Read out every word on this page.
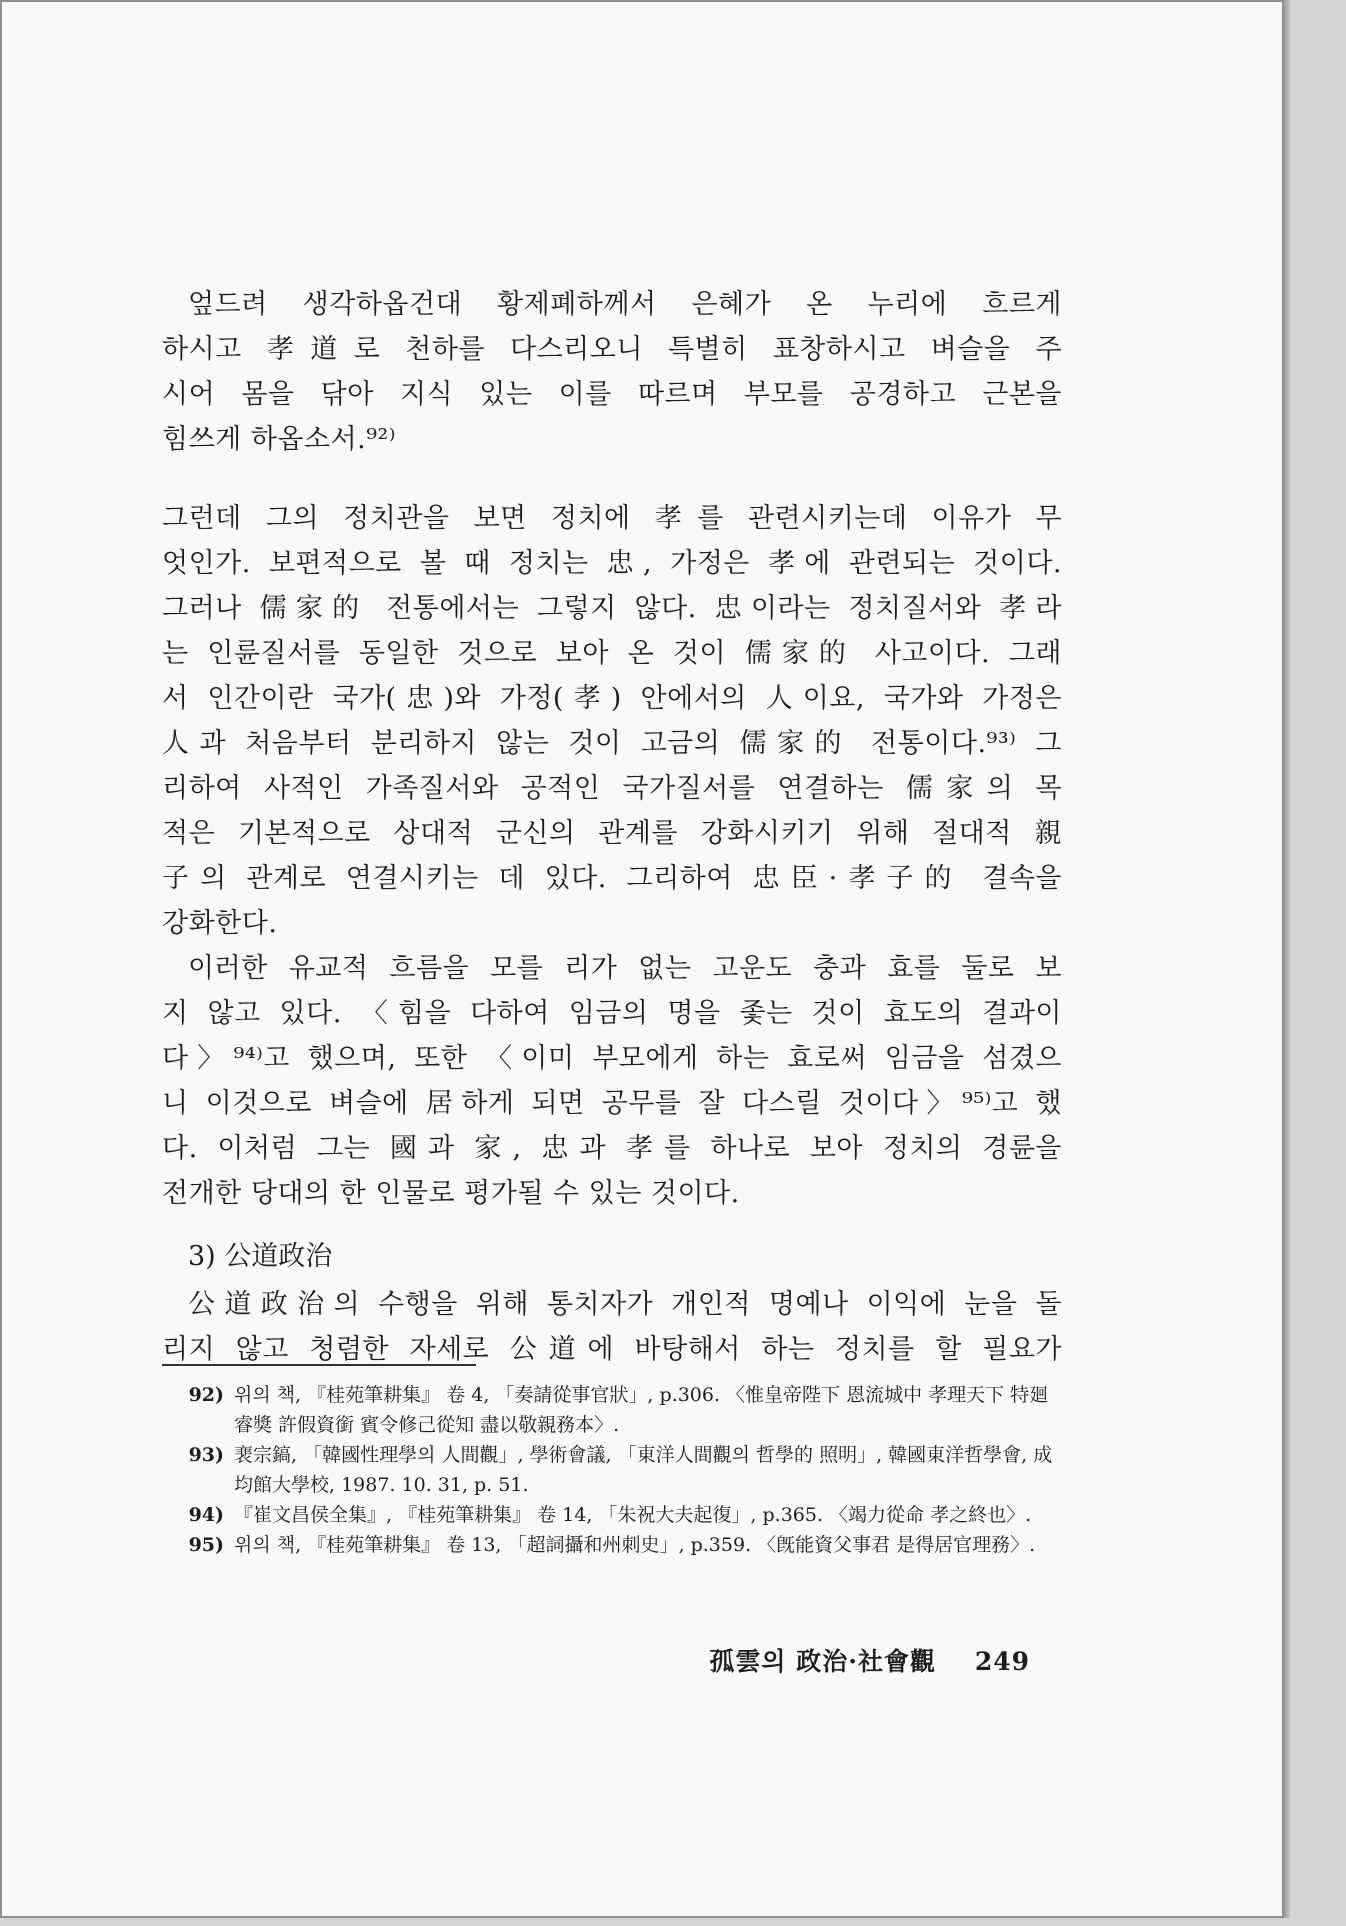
엎드려 생각하옵건대 황제폐하께서 은혜가 온 누리에 흐르게
하시고 孝道로 천하를 다스리오니 특별히 표창하시고 벼슬을 주
시어 몸을 닦아 지식 있는 이를 따르며 부모를 공경하고 근본을
힘쓰게 하옵소서.⁹²⁾
그런데 그의 정치관을 보면 정치에 孝를 관련시키는데 이유가 무
엇인가. 보편적으로 볼 때 정치는 忠, 가정은 孝에 관련되는 것이다.
그러나 儒家的 전통에서는 그렇지 않다. 忠이라는 정치질서와 孝라
는 인륜질서를 동일한 것으로 보아 온 것이 儒家的 사고이다. 그래
서 인간이란 국가(忠)와 가정(孝) 안에서의 人이요, 국가와 가정은
人과 처음부터 분리하지 않는 것이 고금의 儒家的 전통이다.⁹³⁾ 그
리하여 사적인 가족질서와 공적인 국가질서를 연결하는 儒家의 목
적은 기본적으로 상대적 군신의 관계를 강화시키기 위해 절대적 親
子의 관계로 연결시키는 데 있다. 그리하여 忠臣·孝子的 결속을
강화한다.
이러한 유교적 흐름을 모를 리가 없는 고운도 충과 효를 둘로 보
지 않고 있다. 〈힘을 다하여 임금의 명을 좇는 것이 효도의 결과이
다〉⁹⁴⁾고 했으며, 또한 〈이미 부모에게 하는 효로써 임금을 섬겼으
니 이것으로 벼슬에 居하게 되면 공무를 잘 다스릴 것이다〉⁹⁵⁾고 했
다. 이처럼 그는 國과 家, 忠과 孝를 하나로 보아 정치의 경륜을
전개한 당대의 한 인물로 평가될 수 있는 것이다.

3) 公道政治

公道政治의 수행을 위해 통치자가 개인적 명예나 이익에 눈을 돌
리지 않고 청렴한 자세로 公道에 바탕해서 하는 정치를 할 필요가
92) 위의 책, 『桂苑筆耕集』 卷 4, 「奏請從事官狀」, p.306. 〈惟皇帝陛下 恩流城中 孝理天下 特廻睿獎 許假資銜 賓令修己從知 盡以敬親務本〉.
93) 裵宗鎬, 「韓國性理學의 人間觀」, 學術會議, 「東洋人間觀의 哲學的 照明」, 韓國東洋哲學會, 成均館大學校, 1987. 10. 31, p. 51.
94) 『崔文昌侯全集』, 『桂苑筆耕集』 卷 14, 「朱祝大夫起復」, p.365. 〈竭力從命 孝之終也〉.
95) 위의 책, 『桂苑筆耕集』 卷 13, 「超詞攝和州刺史」, p.359. 〈旣能資父事君 是得居官理務〉.

孤雲의 政治·社會觀 249
